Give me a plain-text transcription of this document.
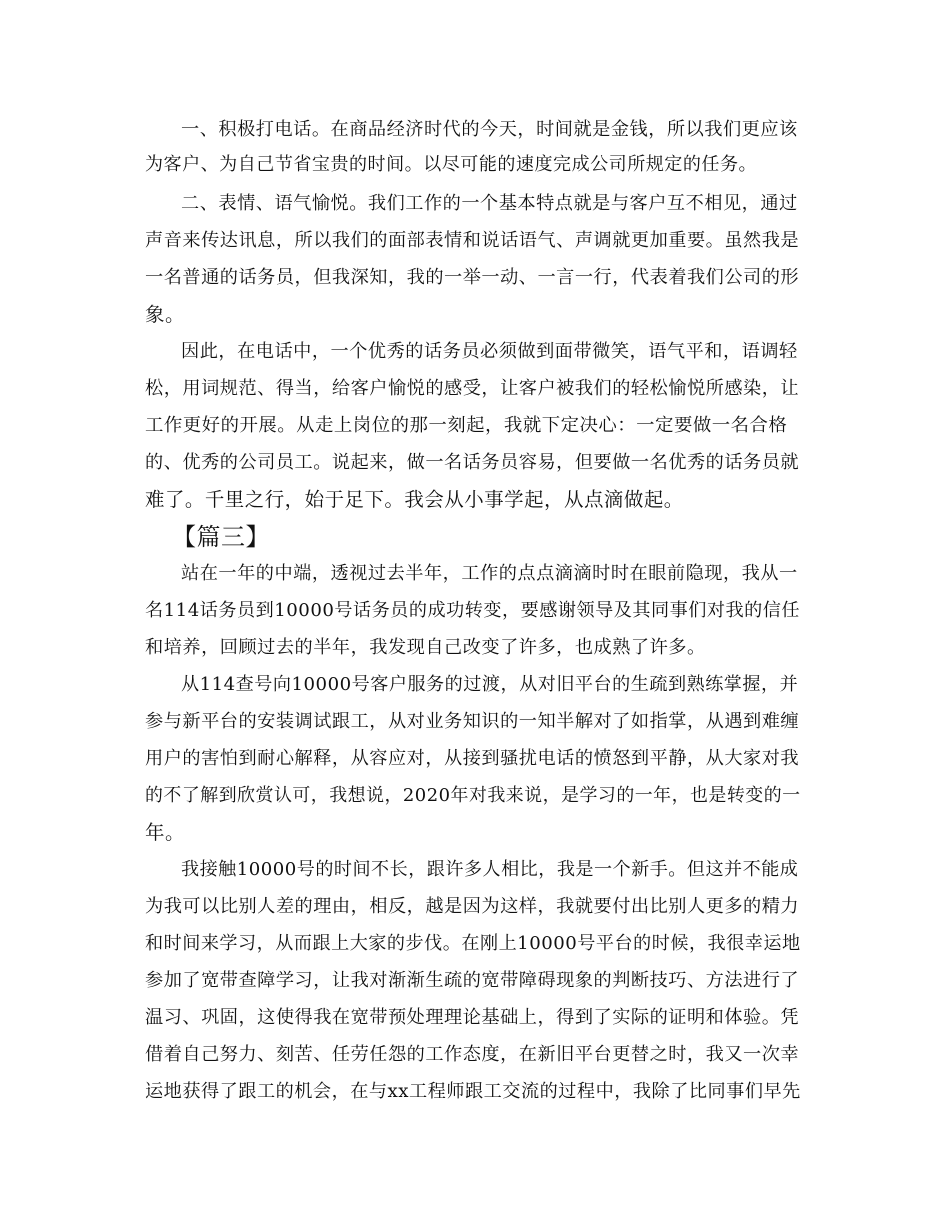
一、积极打电话。在商品经济时代的今天，时间就是金钱，所以我们更应该
为客户、为自己节省宝贵的时间。以尽可能的速度完成公司所规定的任务。
二、表情、语气愉悦。我们工作的一个基本特点就是与客户互不相见，通过
声音来传达讯息，所以我们的面部表情和说话语气、声调就更加重要。虽然我是
一名普通的话务员，但我深知，我的一举一动、一言一行，代表着我们公司的形
象。
因此，在电话中，一个优秀的话务员必须做到面带微笑，语气平和，语调轻
松，用词规范、得当，给客户愉悦的感受，让客户被我们的轻松愉悦所感染，让
工作更好的开展。从走上岗位的那一刻起，我就下定决心：一定要做一名合格
的、优秀的公司员工。说起来，做一名话务员容易，但要做一名优秀的话务员就
难了。千里之行，始于足下。我会从小事学起，从点滴做起。
【篇三】
站在一年的中端，透视过去半年，工作的点点滴滴时时在眼前隐现，我从一
名114话务员到10000号话务员的成功转变，要感谢领导及其同事们对我的信任
和培养，回顾过去的半年，我发现自己改变了许多，也成熟了许多。
从114查号向10000号客户服务的过渡，从对旧平台的生疏到熟练掌握，并
参与新平台的安装调试跟工，从对业务知识的一知半解对了如指掌，从遇到难缠
用户的害怕到耐心解释，从容应对，从接到骚扰电话的愤怒到平静，从大家对我
的不了解到欣赏认可，我想说，2020年对我来说，是学习的一年，也是转变的一
年。
我接触10000号的时间不长，跟许多人相比，我是一个新手。但这并不能成
为我可以比别人差的理由，相反，越是因为这样，我就要付出比别人更多的精力
和时间来学习，从而跟上大家的步伐。在刚上10000号平台的时候，我很幸运地
参加了宽带查障学习，让我对渐渐生疏的宽带障碍现象的判断技巧、方法进行了
温习、巩固，这使得我在宽带预处理理论基础上，得到了实际的证明和体验。凭
借着自己努力、刻苦、任劳任怨的工作态度，在新旧平台更替之时，我又一次幸
运地获得了跟工的机会，在与xx工程师跟工交流的过程中，我除了比同事们早先
